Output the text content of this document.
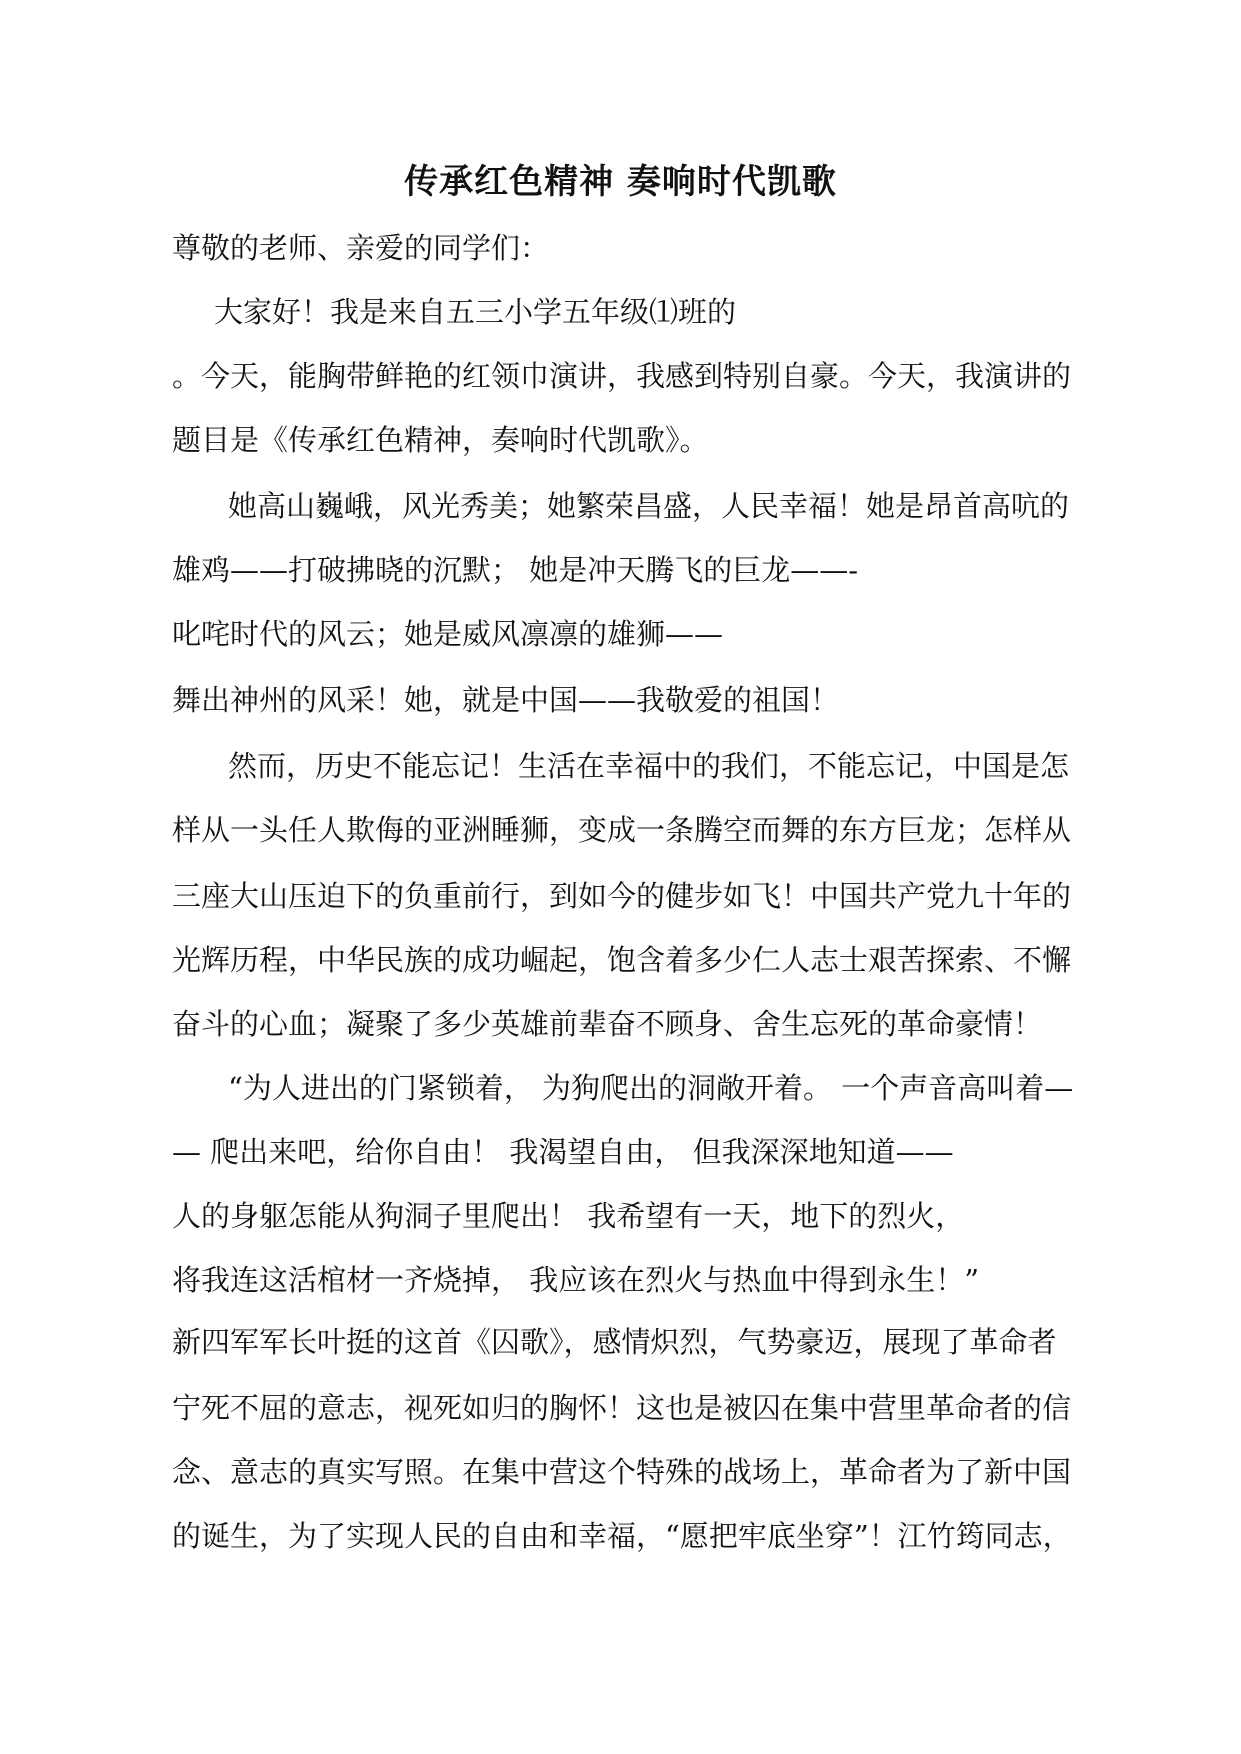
传承红色精神 奏响时代凯歌
尊敬的老师、亲爱的同学们：
大家好！我是来自五三小学五年级⑴班的
。今天，能胸带鲜艳的红领巾演讲，我感到特别自豪。今天，我演讲的
题目是《传承红色精神，奏响时代凯歌》。
她高山巍峨，风光秀美；她繁荣昌盛，人民幸福！她是昂首高吭的
雄鸡——打破拂晓的沉默； 她是冲天腾飞的巨龙——-
叱咤时代的风云；她是威风凛凛的雄狮——
舞出神州的风采！她，就是中国——我敬爱的祖国！
然而，历史不能忘记！生活在幸福中的我们，不能忘记，中国是怎
样从一头任人欺侮的亚洲睡狮，变成一条腾空而舞的东方巨龙；怎样从
三座大山压迫下的负重前行，到如今的健步如飞！中国共产党九十年的
光辉历程，中华民族的成功崛起，饱含着多少仁人志士艰苦探索、不懈
奋斗的心血；凝聚了多少英雄前辈奋不顾身、舍生忘死的革命豪情！
“为人进出的门紧锁着， 为狗爬出的洞敞开着。 一个声音高叫着—
— 爬出来吧，给你自由！ 我渴望自由， 但我深深地知道——
人的身躯怎能从狗洞子里爬出！ 我希望有一天，地下的烈火，
将我连这活棺材一齐烧掉， 我应该在烈火与热血中得到永生！”
新四军军长叶挺的这首《囚歌》，感情炽烈，气势豪迈，展现了革命者
宁死不屈的意志，视死如归的胸怀！这也是被囚在集中营里革命者的信
念、意志的真实写照。在集中营这个特殊的战场上，革命者为了新中国
的诞生，为了实现人民的自由和幸福，“愿把牢底坐穿”！江竹筠同志，
